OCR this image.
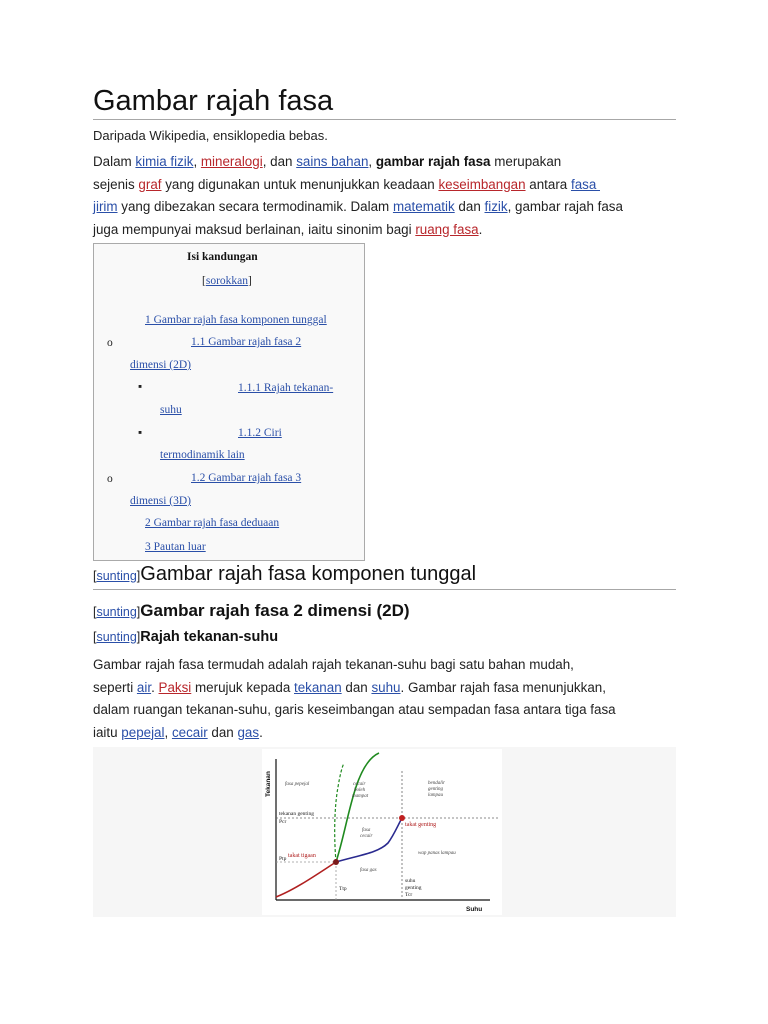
Gambar rajah fasa
Daripada Wikipedia, ensiklopedia bebas.
Dalam kimia fizik, mineralogi, dan sains bahan, gambar rajah fasa merupakan
sejenis graf yang digunakan untuk menunjukkan keadaan keseimbangan antara fasa
jirim yang dibezakan secara termodinamik. Dalam matematik dan fizik, gambar rajah fasa
juga mempunyai maksud berlainan, iaitu sinonim bagi ruang fasa.
Isi kandungan
[sorokkan]
1 Gambar rajah fasa komponen tunggal
o	1.1 Gambar rajah fasa 2
dimensi (2D)
▪	1.1.1 Rajah tekanan-
suhu
▪	1.1.2 Ciri
termodinamik lain
o	1.2 Gambar rajah fasa 3
dimensi (3D)
2 Gambar rajah fasa deduaan
3 Pautan luar
[sunting]Gambar rajah fasa komponen tunggal
[sunting]Gambar rajah fasa 2 dimensi (2D)
[sunting]Rajah tekanan-suhu
Gambar rajah fasa termudah adalah rajah tekanan-suhu bagi satu bahan mudah,
seperti air. Paksi merujuk kepada tekanan dan suhu. Gambar rajah fasa menunjukkan,
dalam ruangan tekanan-suhu, garis keseimbangan atau sempadan fasa antara tiga fasa
iaitu pepejal, cecair dan gas.
Tekanan
Suhu
fasa pepejal	cecair
boleh
mampat
fasa
cecair
fasa gas
bendalir
genting
lampau
wap panas lampau
tekanan genting
Pcr
Ptp
Ttp
suhu
genting
Tcr
takat tigaan
takat genting
